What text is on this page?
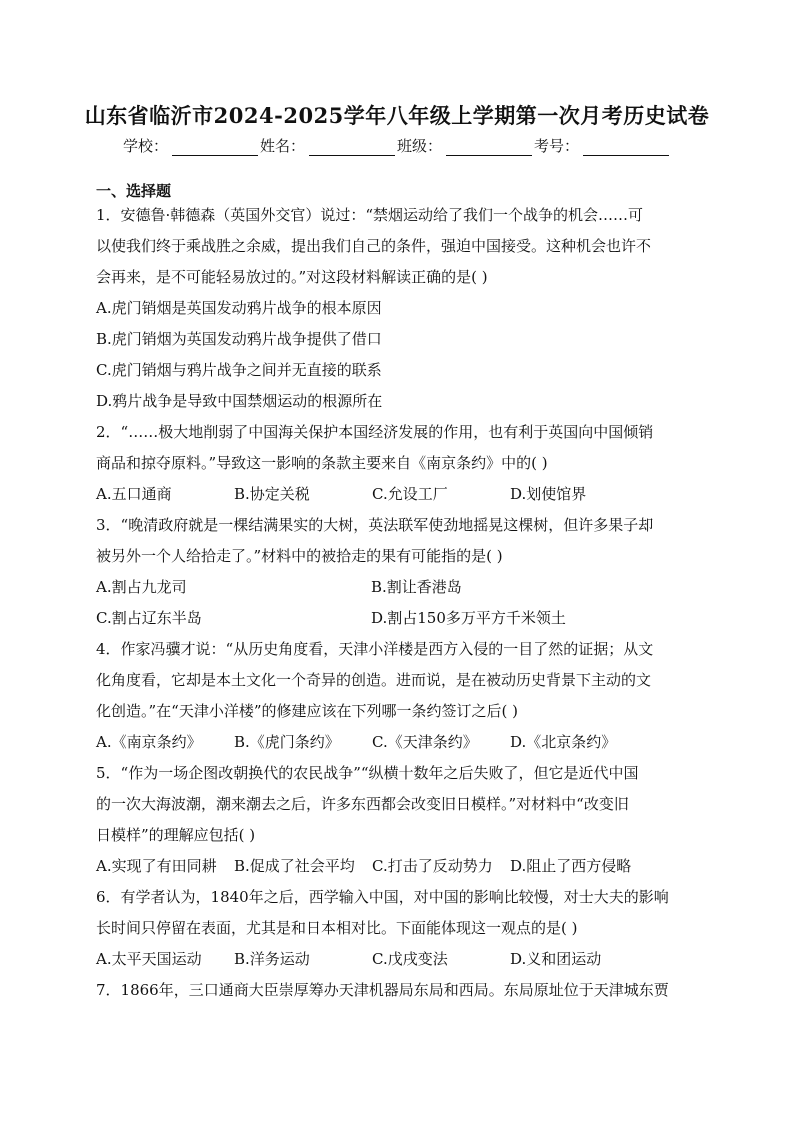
山东省临沂市2024-2025学年八年级上学期第一次月考历史试卷
学校：	姓名：	班级：	考号：
一、选择题
1．安德鲁·韩德森（英国外交官）说过：“禁烟运动给了我们一个战争的机会……可
以使我们终于乘战胜之余威，提出我们自己的条件，强迫中国接受。这种机会也许不
会再来，是不可能轻易放过的。”对这段材料解读正确的是( )
A.虎门销烟是英国发动鸦片战争的根本原因
B.虎门销烟为英国发动鸦片战争提供了借口
C.虎门销烟与鸦片战争之间并无直接的联系
D.鸦片战争是导致中国禁烟运动的根源所在
2．“……极大地削弱了中国海关保护本国经济发展的作用，也有利于英国向中国倾销
商品和掠夺原料。”导致这一影响的条款主要来自《南京条约》中的( )
A.五口通商	B.协定关税	C.允设工厂	D.划使馆界
3．“晚清政府就是一棵结满果实的大树，英法联军使劲地摇晃这棵树，但许多果子却
被另外一个人给拾走了。”材料中的被拾走的果有可能指的是( )
A.割占九龙司	B.割让香港岛
C.割占辽东半岛	D.割占150多万平方千米领土
4．作家冯骥才说：“从历史角度看，天津小洋楼是西方入侵的一目了然的证据；从文
化角度看，它却是本土文化一个奇异的创造。进而说，是在被动历史背景下主动的文
化创造。”在“天津小洋楼”的修建应该在下列哪一条约签订之后( )
A.《南京条约》 B.《虎门条约》 C.《天津条约》 D.《北京条约》
5．“作为一场企图改朝换代的农民战争”“纵横十数年之后失败了，但它是近代中国
的一次大海波潮，潮来潮去之后，许多东西都会改变旧日模样。”对材料中“改变旧
日模样”的理解应包括( )
A.实现了有田同耕 B.促成了社会平均 C.打击了反动势力 D.阻止了西方侵略
6．有学者认为，1840年之后，西学输入中国，对中国的影响比较慢，对士大夫的影响
长时间只停留在表面，尤其是和日本相对比。下面能体现这一观点的是( )
A.太平天国运动 B.洋务运动	C.戊戌变法	D.义和团运动
7．1866年，三口通商大臣崇厚筹办天津机器局东局和西局。东局原址位于天津城东贾
